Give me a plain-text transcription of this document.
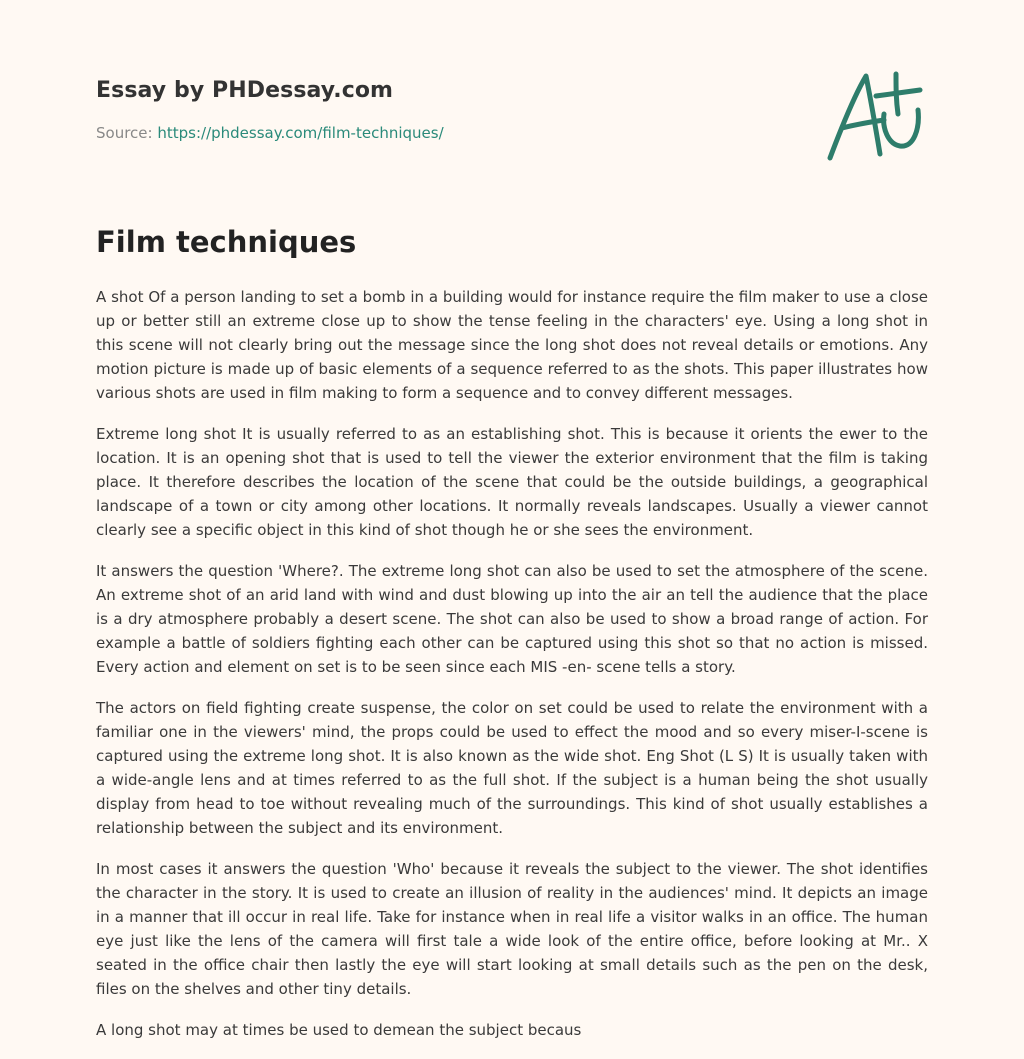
Essay by PHDessay.com
Source: https://phdessay.com/film-techniques/
Film techniques

A shot Of a person landing to set a bomb in a building would for instance require the film maker to use a close up or better still an extreme close up to show the tense feeling in the characters' eye. Using a long shot in this scene will not clearly bring out the message since the long shot does not reveal details or emotions. Any motion picture is made up of basic elements of a sequence referred to as the shots. This paper illustrates how various shots are used in film making to form a sequence and to convey different messages.

Extreme long shot It is usually referred to as an establishing shot. This is because it orients the ewer to the location. It is an opening shot that is used to tell the viewer the exterior environment that the film is taking place. It therefore describes the location of the scene that could be the outside buildings, a geographical landscape of a town or city among other locations. It normally reveals landscapes. Usually a viewer cannot clearly see a specific object in this kind of shot though he or she sees the environment.

It answers the question 'Where?. The extreme long shot can also be used to set the atmosphere of the scene. An extreme shot of an arid land with wind and dust blowing up into the air an tell the audience that the place is a dry atmosphere probably a desert scene. The shot can also be used to show a broad range of action. For example a battle of soldiers fighting each other can be captured using this shot so that no action is missed. Every action and element on set is to be seen since each MIS -en- scene tells a story.

The actors on field fighting create suspense, the color on set could be used to relate the environment with a familiar one in the viewers' mind, the props could be used to effect the mood and so every miser-I-scene is captured using the extreme long shot. It is also known as the wide shot. Eng Shot (L S) It is usually taken with a wide-angle lens and at times referred to as the full shot. If the subject is a human being the shot usually display from head to toe without revealing much of the surroundings. This kind of shot usually establishes a relationship between the subject and its environment.

In most cases it answers the question 'Who' because it reveals the subject to the viewer. The shot identifies the character in the story. It is used to create an illusion of reality in the audiences' mind. It depicts an image in a manner that ill occur in real life. Take for instance when in real life a visitor walks in an office. The human eye just like the lens of the camera will first tale a wide look of the entire office, before looking at Mr.. X seated in the office chair then lastly the eye will start looking at small details such as the pen on the desk, files on the shelves and other tiny details.

A long shot may at times be used to demean the subject becaus
